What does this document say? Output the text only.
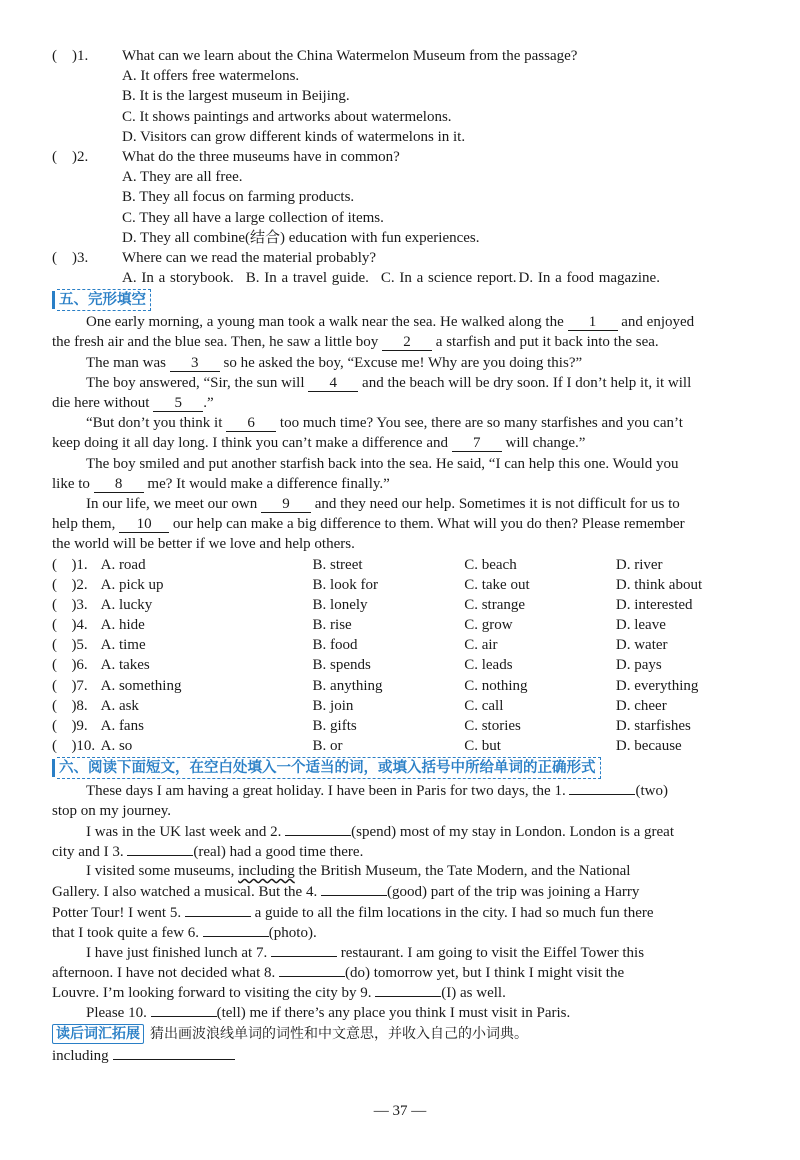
(	)1.	What can we learn about the China Watermelon Museum from the passage?
A. It offers free watermelons.
B. It is the largest museum in Beijing.
C. It shows paintings and artworks about watermelons.
D. Visitors can grow different kinds of watermelons in it.
(	)2.	What do the three museums have in common?
A. They are all free.
B. They all focus on farming products.
C. They all have a large collection of items.
D. They all combine(结合) education with fun experiences.
(	)3.	Where can we read the material probably?
A. In a storybook. B. In a travel guide. C. In a science report. D. In a food magazine.
五、完形填空
One early morning, a young man took a walk near the sea. He walked along the 1 and enjoyed
the fresh air and the blue sea. Then, he saw a little boy 2 a starfish and put it back into the sea.
The man was 3 so he asked the boy, “Excuse me! Why are you doing this?”
The boy answered, “Sir, the sun will 4 and the beach will be dry soon. If I don’t help it, it will
die here without 5 .”
“But don’t you think it 6 too much time? You see, there are so many starfishes and you can’t
keep doing it all day long. I think you can’t make a difference and 7 will change.”
The boy smiled and put another starfish back into the sea. He said, “I can help this one. Would you
like to 8 me? It would make a difference finally.”
In our life, we meet our own 9 and they need our help. Sometimes it is not difficult for us to
help them, 10 our help can make a big difference to them. What will you do then? Please remember
the world will be better if we love and help others.
( )1. A. road	B. street	C. beach	D. river
( )2. A. pick up	B. look for	C. take out	D. think about
( )3. A. lucky	B. lonely	C. strange	D. interested
( )4. A. hide	B. rise	C. grow	D. leave
( )5. A. time	B. food	C. air	D. water
( )6. A. takes	B. spends	C. leads	D. pays
( )7. A. something	B. anything	C. nothing	D. everything
( )8. A. ask	B. join	C. call	D. cheer
( )9. A. fans	B. gifts	C. stories	D. starfishes
( )10. A. so	B. or	C. but	D. because
六、阅读下面短文，在空白处填入一个适当的词，或填入括号中所给单词的正确形式
These days I am having a great holiday. I have been in Paris for two days, the 1.	(two)
stop on my journey.
I was in the UK last week and 2.	(spend) most of my stay in London. London is a great
city and I 3.	(real) had a good time there.
I visited some museums, including the British Museum, the Tate Modern, and the National
Gallery. I also watched a musical. But the 4.	(good) part of the trip was joining a Harry
Potter Tour! I went 5.	a guide to all the film locations in the city. I had so much fun there
that I took quite a few 6.	(photo).
I have just finished lunch at 7.	restaurant. I am going to visit the Eiffel Tower this
afternoon. I have not decided what 8.	(do) tomorrow yet, but I think I might visit the
Louvre. I’m looking forward to visiting the city by 9.	(I) as well.
Please 10.	(tell) me if there’s any place you think I must visit in Paris.
读后词汇拓展 猜出画波浪线单词的词性和中文意思，并收入自己的小词典。
including
— 37 —
